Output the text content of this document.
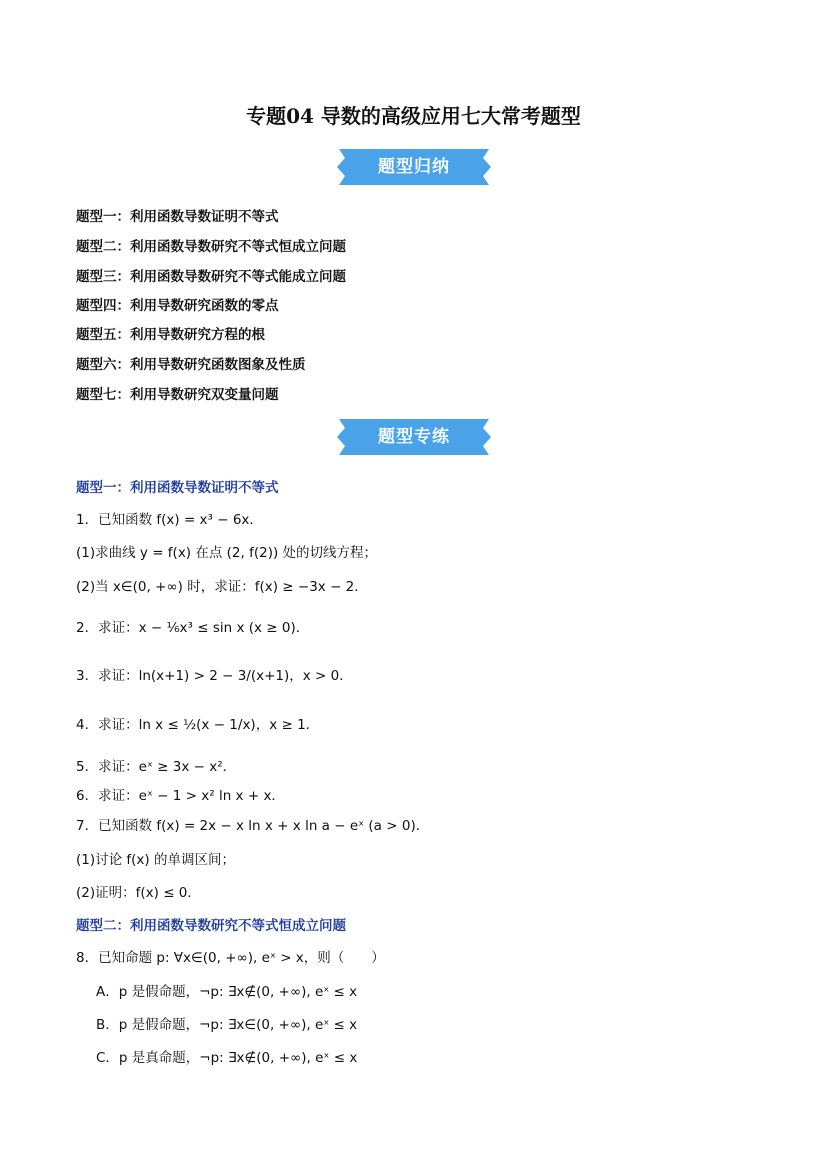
专题04 导数的高级应用七大常考题型
题型归纳
题型一：利用函数导数证明不等式
题型二：利用函数导数研究不等式恒成立问题
题型三：利用函数导数研究不等式能成立问题
题型四：利用导数研究函数的零点
题型五：利用导数研究方程的根
题型六：利用导数研究函数图象及性质
题型七：利用导数研究双变量问题
题型专练
题型一：利用函数导数证明不等式
1．已知函数 f(x) = x³ − 6x．
(1)求曲线 y = f(x) 在点 (2, f(2)) 处的切线方程；
(2)当 x∈(0, +∞) 时，求证：f(x) ≥ −3x − 2．
2．求证：x − ¹⁄₆x³ ≤ sin x (x ≥ 0)．
3．求证：ln(x+1) > 2 − 3/(x+1)，x > 0．
4．求证：ln x ≤ ½(x − 1/x)，x ≥ 1．
5．求证：eˣ ≥ 3x − x²．
6．求证：eˣ − 1 > x² ln x + x．
7．已知函数 f(x) = 2x − x ln x + x ln a − eˣ (a > 0)．
(1)讨论 f(x) 的单调区间；
(2)证明：f(x) ≤ 0．
题型二：利用函数导数研究不等式恒成立问题
8．已知命题 p: ∀x∈(0, +∞), eˣ > x，则（　　）
A．p 是假命题，¬p: ∃x∉(0, +∞), eˣ ≤ x
B．p 是假命题，¬p: ∃x∈(0, +∞), eˣ ≤ x
C．p 是真命题，¬p: ∃x∉(0, +∞), eˣ ≤ x
